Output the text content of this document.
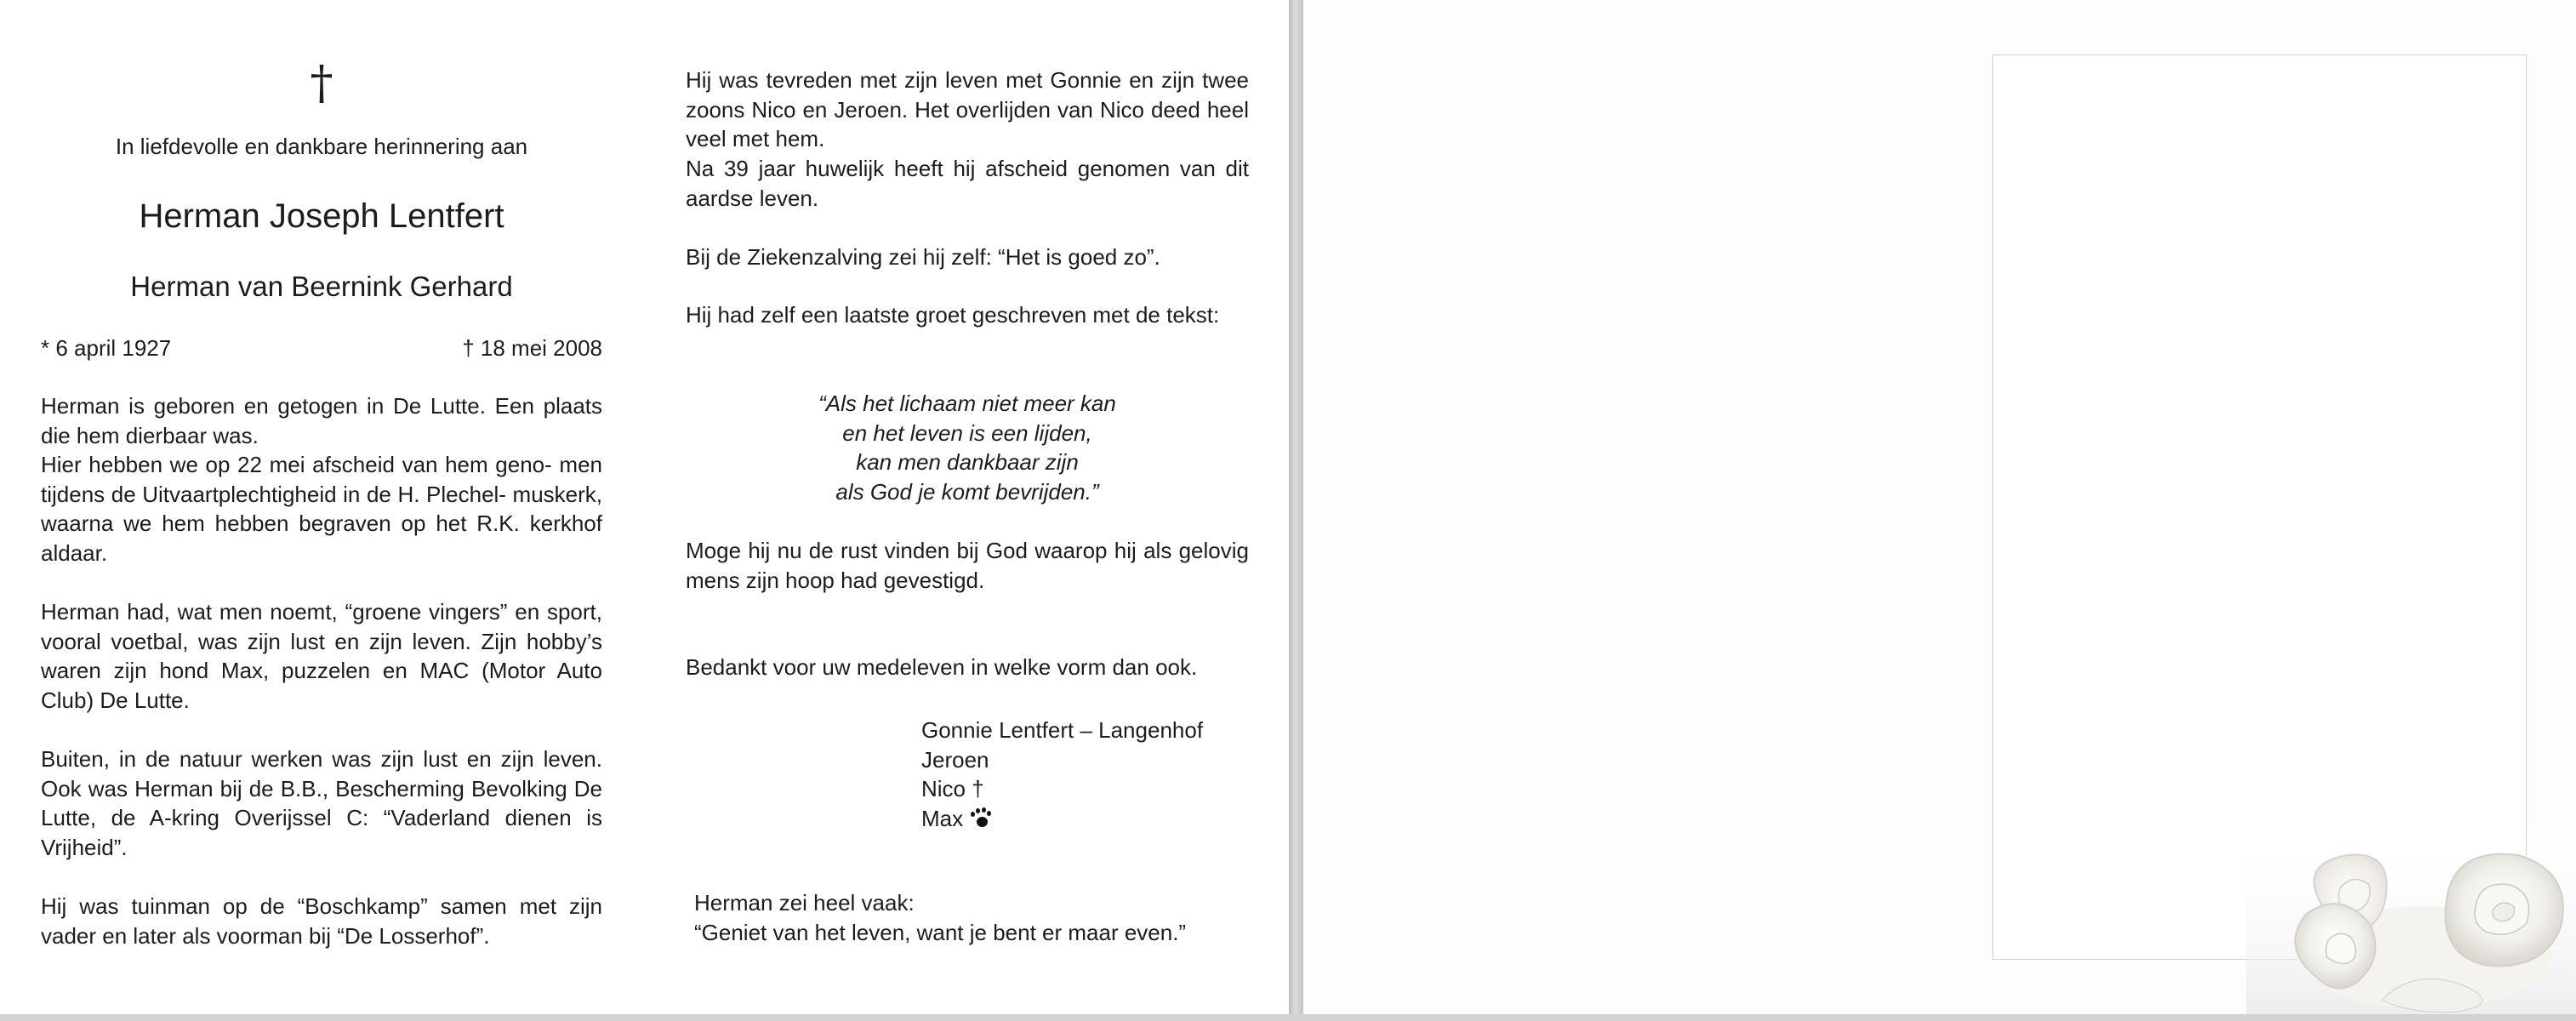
†
In liefdevolle en dankbare herinnering aan
Herman Joseph Lentfert
Herman van Beernink Gerhard
* 6 april 1927	† 18 mei 2008

Herman is geboren en getogen in De Lutte. Een plaats die hem dierbaar was.

Hier hebben we op 22 mei afscheid van hem geno- men tijdens de Uitvaartplechtigheid in de H. Plechel- muskerk, waarna we hem hebben begraven op het R.K. kerkhof aldaar.

Herman had, wat men noemt, “groene vingers” en sport, vooral voetbal, was zijn lust en zijn leven. Zijn hobby’s waren zijn hond Max, puzzelen en MAC (Motor Auto Club) De Lutte.

Buiten, in de natuur werken was zijn lust en zijn leven. Ook was Herman bij de B.B., Bescherming Bevolking De Lutte, de A-kring Overijssel C: “Vaderland dienen is Vrijheid”.

Hij was tuinman op de “Boschkamp” samen met zijn vader en later als voorman bij “De Losserhof”.

Hij was tevreden met zijn leven met Gonnie en zijn twee zoons Nico en Jeroen. Het overlijden van Nico deed heel veel met hem.

Na 39 jaar huwelijk heeft hij afscheid genomen van dit aardse leven.

Bij de Ziekenzalving zei hij zelf: “Het is goed zo”.

Hij had zelf een laatste groet geschreven met de tekst:

“Als het lichaam niet meer kan
en het leven is een lijden,
kan men dankbaar zijn
als God je komt bevrijden.”

Moge hij nu de rust vinden bij God waarop hij als gelovig mens zijn hoop had gevestigd.

Bedankt voor uw medeleven in welke vorm dan ook.

Gonnie Lentfert – Langenhof
Jeroen
Nico †
Max
Herman zei heel vaak:
“Geniet van het leven, want je bent er maar even.”
